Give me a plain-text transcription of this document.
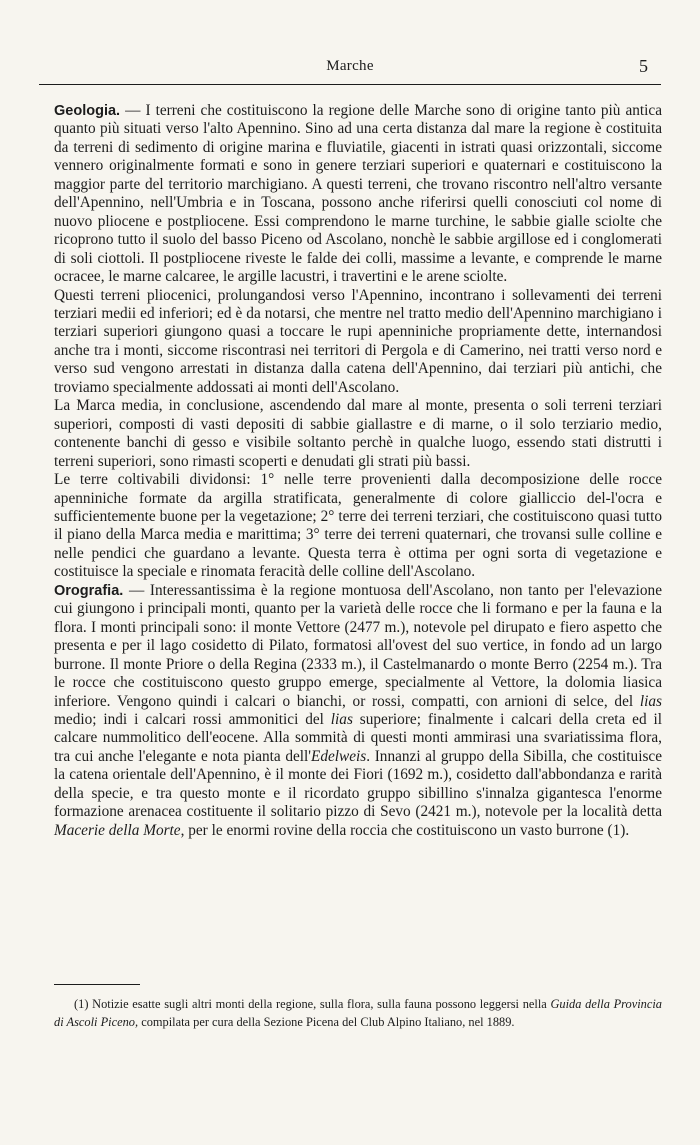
Marche	5

Geologia. — I terreni che costituiscono la regione delle Marche sono di origine tanto più antica quanto più situati verso l'alto Apennino. Sino ad una certa distanza dal mare la regione è costituita da terreni di sedimento di origine marina e fluviatile, giacenti in istrati quasi orizzontali, siccome vennero originalmente formati e sono in genere terziari superiori e quaternari e costituiscono la maggior parte del territorio marchigiano. A questi terreni, che trovano riscontro nell'altro versante dell'Apennino, nell'Umbria e in Toscana, possono anche riferirsi quelli conosciuti col nome di nuovo pliocene e postpliocene. Essi comprendono le marne turchine, le sabbie gialle sciolte che ricoprono tutto il suolo del basso Piceno od Ascolano, nonchè le sabbie argillose ed i conglomerati di soli ciottoli. Il postpliocene riveste le falde dei colli, massime a levante, e comprende le marne ocracee, le marne calcaree, le argille lacustri, i travertini e le arene sciolte.

Questi terreni pliocenici, prolungandosi verso l'Apennino, incontrano i sollevamenti dei terreni terziari medii ed inferiori; ed è da notarsi, che mentre nel tratto medio dell'Apennino marchigiano i terziari superiori giungono quasi a toccare le rupi apenniniche propriamente dette, internandosi anche tra i monti, siccome riscontrasi nei territori di Pergola e di Camerino, nei tratti verso nord e verso sud vengono arrestati in distanza dalla catena dell'Apennino, dai terziari più antichi, che troviamo specialmente addossati ai monti dell'Ascolano.

La Marca media, in conclusione, ascendendo dal mare al monte, presenta o soli terreni terziari superiori, composti di vasti depositi di sabbie giallastre e di marne, o il solo terziario medio, contenente banchi di gesso e visibile soltanto perchè in qualche luogo, essendo stati distrutti i terreni superiori, sono rimasti scoperti e denudati gli strati più bassi.

Le terre coltivabili dividonsi: 1° nelle terre provenienti dalla decomposizione delle rocce apenniniche formate da argilla stratificata, generalmente di colore gialliccio del-l'ocra e sufficientemente buone per la vegetazione; 2° terre dei terreni terziari, che costituiscono quasi tutto il piano della Marca media e marittima; 3° terre dei terreni quaternari, che trovansi sulle colline e nelle pendici che guardano a levante. Questa terra è ottima per ogni sorta di vegetazione e costituisce la speciale e rinomata feracità delle colline dell'Ascolano.

Orografia. — Interessantissima è la regione montuosa dell'Ascolano, non tanto per l'elevazione cui giungono i principali monti, quanto per la varietà delle rocce che li formano e per la fauna e la flora. I monti principali sono: il monte Vettore (2477 m.), notevole pel dirupato e fiero aspetto che presenta e per il lago cosidetto di Pilato, formatosi all'ovest del suo vertice, in fondo ad un largo burrone. Il monte Priore o della Regina (2333 m.), il Castelmanardo o monte Berro (2254 m.). Tra le rocce che costituiscono questo gruppo emerge, specialmente al Vettore, la dolomia liasica inferiore. Vengono quindi i calcari o bianchi, or rossi, compatti, con arnioni di selce, del lias medio; indi i calcari rossi ammonitici del lias superiore; finalmente i calcari della creta ed il calcare nummolitico dell'eocene. Alla sommità di questi monti ammirasi una svariatissima flora, tra cui anche l'elegante e nota pianta dell'Edelweis. Innanzi al gruppo della Sibilla, che costituisce la catena orientale dell'Apennino, è il monte dei Fiori (1692 m.), cosidetto dall'abbondanza e rarità della specie, e tra questo monte e il ricordato gruppo sibillino s'innalza gigantesca l'enorme formazione arenacea costituente il solitario pizzo di Sevo (2421 m.), notevole per la località detta Macerie della Morte, per le enormi rovine della roccia che costituiscono un vasto burrone (1).

(1) Notizie esatte sugli altri monti della regione, sulla flora, sulla fauna possono leggersi nella Guida della Provincia di Ascoli Piceno, compilata per cura della Sezione Picena del Club Alpino Italiano, nel 1889.
